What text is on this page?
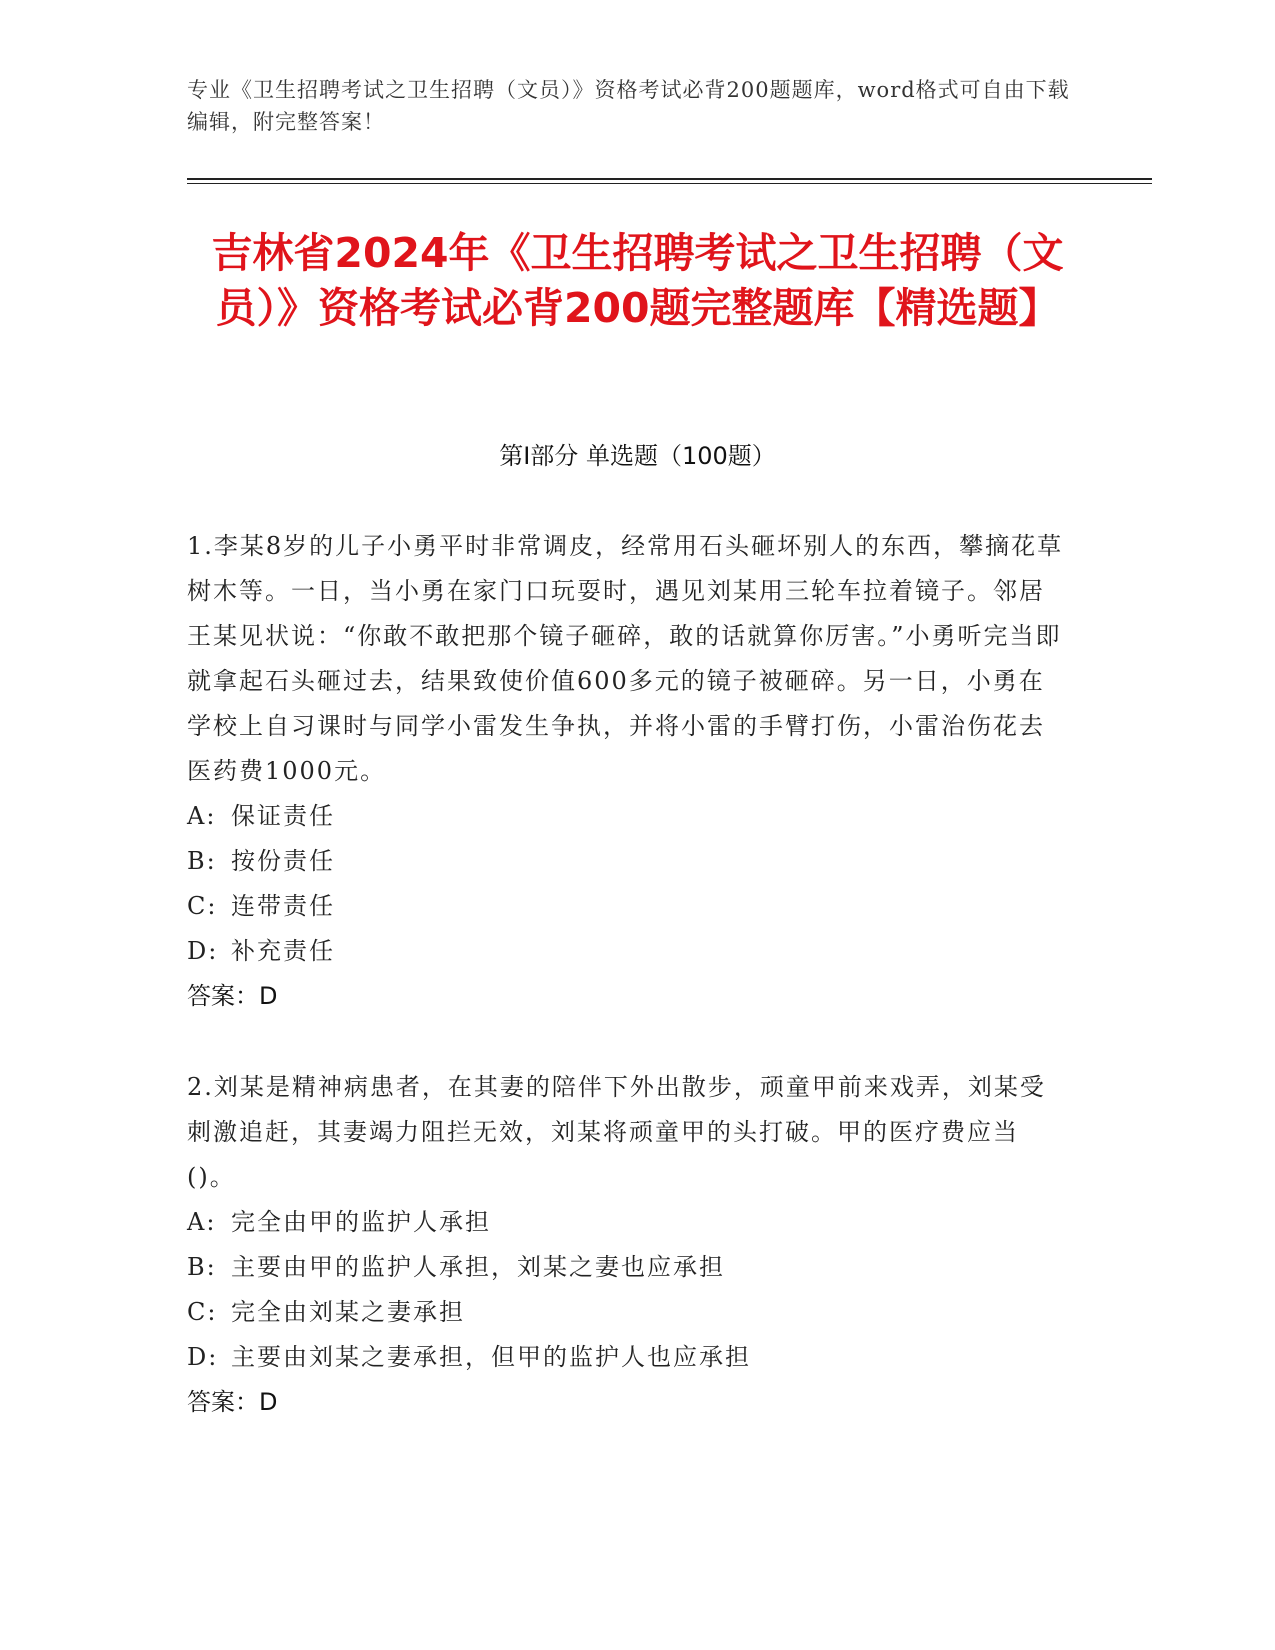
专业《卫生招聘考试之卫生招聘（文员）》资格考试必背200题题库，word格式可自由下载编辑，附完整答案！
吉林省2024年《卫生招聘考试之卫生招聘（文员）》资格考试必背200题完整题库【精选题】
第I部分 单选题（100题）

1.李某8岁的儿子小勇平时非常调皮，经常用石头砸坏别人的东西，攀摘花草树木等。一日，当小勇在家门口玩耍时，遇见刘某用三轮车拉着镜子。邻居王某见状说：“你敢不敢把那个镜子砸碎，敢的话就算你厉害。”小勇听完当即就拿起石头砸过去，结果致使价值600多元的镜子被砸碎。另一日，小勇在学校上自习课时与同学小雷发生争执，并将小雷的手臂打伤，小雷治伤花去医药费1000元。

A: 保证责任

B: 按份责任

C: 连带责任

D: 补充责任

答案：D

2.刘某是精神病患者，在其妻的陪伴下外出散步，顽童甲前来戏弄，刘某受刺激追赶，其妻竭力阻拦无效，刘某将顽童甲的头打破。甲的医疗费应当()。

A: 完全由甲的监护人承担

B: 主要由甲的监护人承担，刘某之妻也应承担

C: 完全由刘某之妻承担

D: 主要由刘某之妻承担，但甲的监护人也应承担

答案：D
